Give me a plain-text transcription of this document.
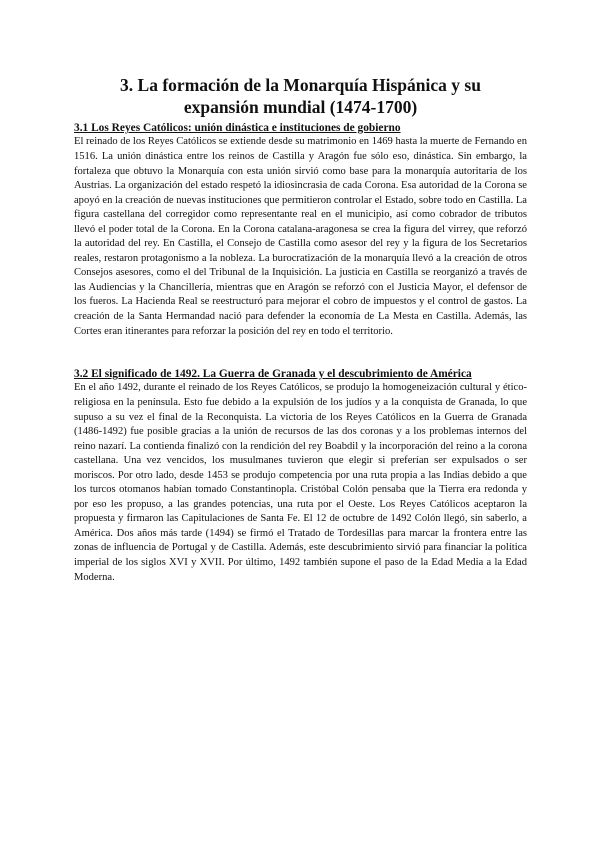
3. La formación de la Monarquía Hispánica y su
expansión mundial (1474-1700)
3.1 Los Reyes Católicos: unión dinástica e instituciones de gobierno

El reinado de los Reyes Católicos se extiende desde su matrimonio en 1469 hasta la muerte de Fernando en 1516. La unión dinástica entre los reinos de Castilla y Aragón fue sólo eso, dinástica. Sin embargo, la fortaleza que obtuvo la Monarquía con esta unión sirvió como base para la monarquía autoritaria de los Austrias. La organización del estado respetó la idiosincrasia de cada Corona. Esa autoridad de la Corona se apoyó en la creación de nuevas instituciones que permitieron controlar el Estado, sobre todo en Castilla. La figura castellana del corregidor como representante real en el municipio, así como cobrador de tributos llevó el poder total de la Corona. En la Corona catalana-aragonesa se crea la figura del virrey, que reforzó la autoridad del rey. En Castilla, el Consejo de Castilla como asesor del rey y la figura de los Secretarios reales, restaron protagonismo a la nobleza. La burocratización de la monarquía llevó a la creación de otros Consejos asesores, como el del Tribunal de la Inquisición. La justicia en Castilla se reorganizó a través de las Audiencias y la Chancillería, mientras que en Aragón se reforzó con el Justicia Mayor, el defensor de los fueros. La Hacienda Real se reestructuró para mejorar el cobro de impuestos y el control de gastos. La creación de la Santa Hermandad nació para defender la economía de La Mesta en Castilla. Además, las Cortes eran itinerantes para reforzar la posición del rey en todo el territorio.

3.2 El significado de 1492. La Guerra de Granada y el descubrimiento de América

En el año 1492, durante el reinado de los Reyes Católicos, se produjo la homogeneización cultural y ético-religiosa en la península. Esto fue debido a la expulsión de los judíos y a la conquista de Granada, lo que supuso a su vez el final de la Reconquista. La victoria de los Reyes Católicos en la Guerra de Granada (1486-1492) fue posible gracias a la unión de recursos de las dos coronas y a los problemas internos del reino nazarí. La contienda finalizó con la rendición del rey Boabdil y la incorporación del reino a la corona castellana. Una vez vencidos, los musulmanes tuvieron que elegir si preferían ser expulsados o ser moriscos. Por otro lado, desde 1453 se produjo competencia por una ruta propia a las Indias debido a que los turcos otomanos habían tomado Constantinopla. Cristóbal Colón pensaba que la Tierra era redonda y por eso les propuso, a las grandes potencias, una ruta por el Oeste. Los Reyes Católicos aceptaron la propuesta y firmaron las Capitulaciones de Santa Fe. El 12 de octubre de 1492 Colón llegó, sin saberlo, a América. Dos años más tarde (1494) se firmó el Tratado de Tordesillas para marcar la frontera entre las zonas de influencia de Portugal y de Castilla. Además, este descubrimiento sirvió para financiar la política imperial de los siglos XVI y XVII. Por último, 1492 también supone el paso de la Edad Media a la Edad Moderna.
